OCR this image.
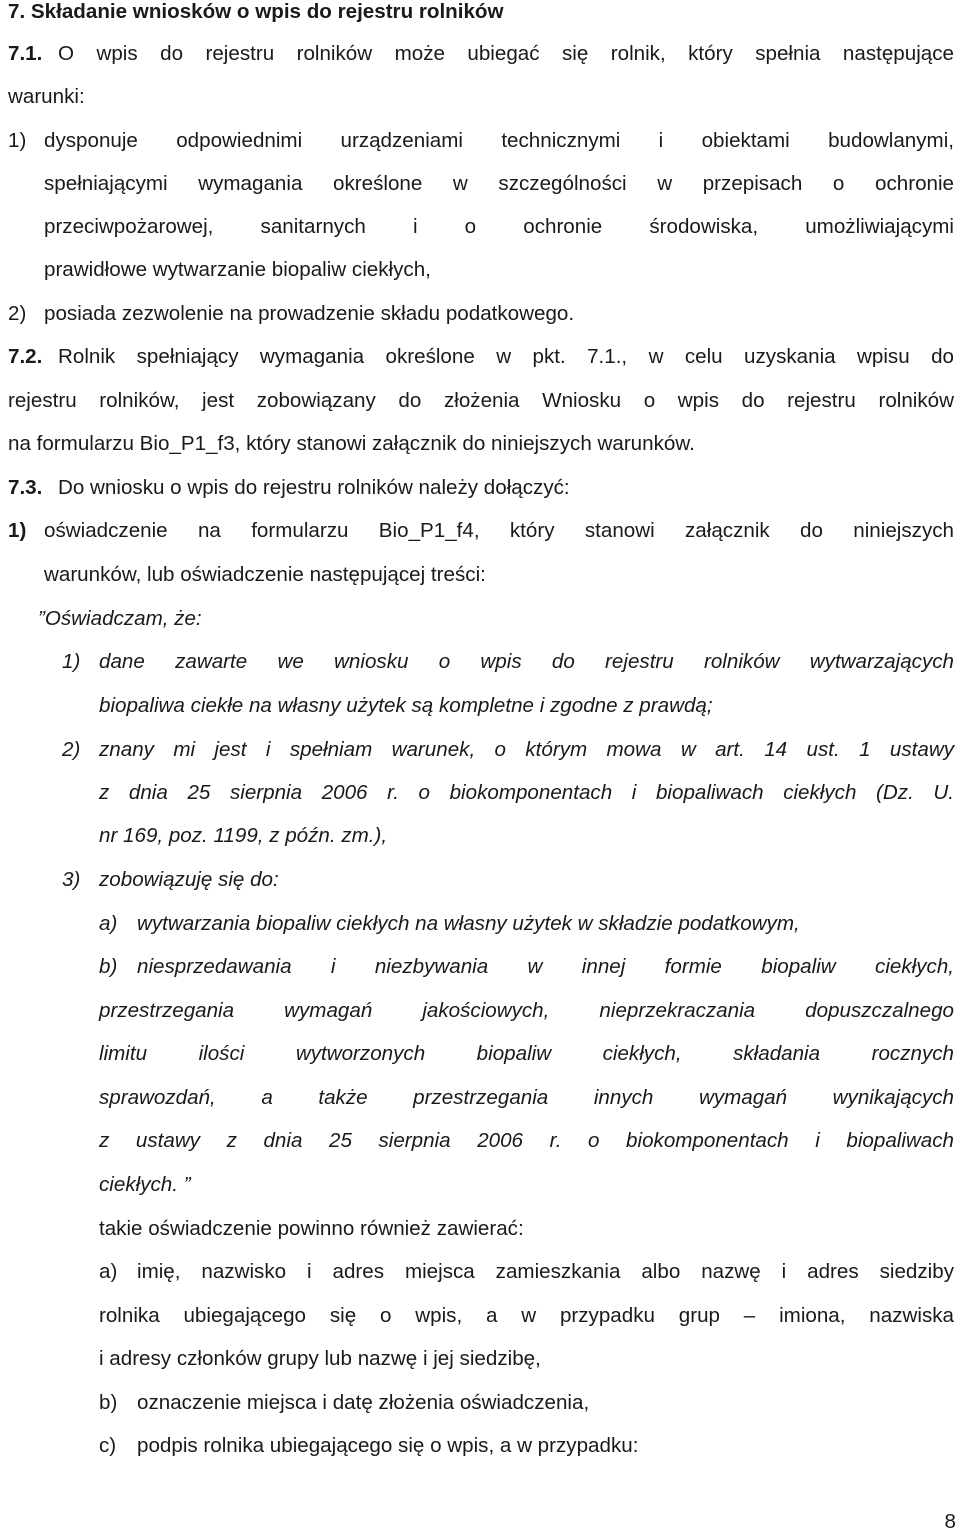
7. Składanie wniosków o wpis do rejestru rolników
7.1. O wpis do rejestru rolników może ubiegać się rolnik, który spełnia następujące
warunki:
1) dysponuje odpowiednimi urządzeniami technicznymi i obiektami budowlanymi,
spełniającymi wymagania określone w szczególności w przepisach o ochronie
przeciwpożarowej, sanitarnych i o ochronie środowiska, umożliwiającymi
prawidłowe wytwarzanie biopaliw ciekłych,
2) posiada zezwolenie na prowadzenie składu podatkowego.
7.2. Rolnik spełniający wymagania określone w pkt. 7.1., w celu uzyskania wpisu do
rejestru rolników, jest zobowiązany do złożenia Wniosku o wpis do rejestru rolników
na formularzu Bio_P1_f3, który stanowi załącznik do niniejszych warunków.
7.3. Do wniosku o wpis do rejestru rolników należy dołączyć:
1) oświadczenie na formularzu Bio_P1_f4, który stanowi załącznik do niniejszych
warunków, lub oświadczenie następującej treści:
”Oświadczam, że:
1) dane zawarte we wniosku o wpis do rejestru rolników wytwarzających
biopaliwa ciekłe na własny użytek są kompletne i zgodne z prawdą;
2) znany mi jest i spełniam warunek, o którym mowa w art. 14 ust. 1 ustawy
z dnia 25 sierpnia 2006 r. o biokomponentach i biopaliwach ciekłych (Dz. U.
nr 169, poz. 1199, z późn. zm.),
3) zobowiązuję się do:
a) wytwarzania biopaliw ciekłych na własny użytek w składzie podatkowym,
b) niesprzedawania i niezbywania w innej formie biopaliw ciekłych,
przestrzegania wymagań jakościowych, nieprzekraczania dopuszczalnego
limitu ilości wytworzonych biopaliw ciekłych, składania rocznych
sprawozdań, a także przestrzegania innych wymagań wynikających
z ustawy z dnia 25 sierpnia 2006 r. o biokomponentach i biopaliwach
ciekłych. ”
takie oświadczenie powinno również zawierać:
a) imię, nazwisko i adres miejsca zamieszkania albo nazwę i adres siedziby
rolnika ubiegającego się o wpis, a w przypadku grup – imiona, nazwiska
i adresy członków grupy lub nazwę i jej siedzibę,
b) oznaczenie miejsca i datę złożenia oświadczenia,
c) podpis rolnika ubiegającego się o wpis, a w przypadku:
8
